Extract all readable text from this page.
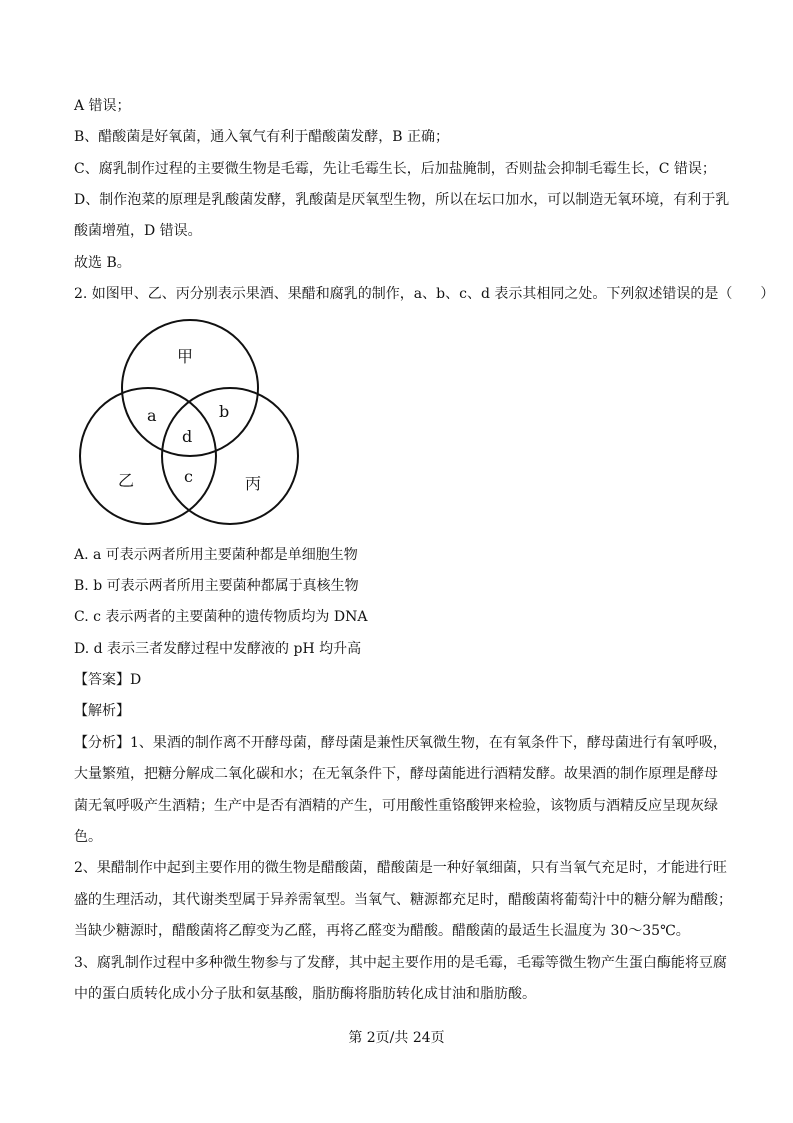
A 错误；
B、醋酸菌是好氧菌，通入氧气有利于醋酸菌发酵，B 正确；
C、腐乳制作过程的主要微生物是毛霉，先让毛霉生长，后加盐腌制，否则盐会抑制毛霉生长，C 错误；
D、制作泡菜的原理是乳酸菌发酵，乳酸菌是厌氧型生物，所以在坛口加水，可以制造无氧环境，有利于乳
酸菌增殖，D 错误。
故选 B。
2. 如图甲、乙、丙分别表示果酒、果醋和腐乳的制作，a、b、c、d 表示其相同之处。下列叙述错误的是（　　）
甲
a	b
d
c
乙	丙
A. a 可表示两者所用主要菌种都是单细胞生物
B. b 可表示两者所用主要菌种都属于真核生物
C. c 表示两者的主要菌种的遗传物质均为 DNA
D. d 表示三者发酵过程中发酵液的 pH 均升高
【答案】D
【解析】
【分析】1、果酒的制作离不开酵母菌，酵母菌是兼性厌氧微生物，在有氧条件下，酵母菌进行有氧呼吸，
大量繁殖，把糖分解成二氧化碳和水；在无氧条件下，酵母菌能进行酒精发酵。故果酒的制作原理是酵母
菌无氧呼吸产生酒精；生产中是否有酒精的产生，可用酸性重铬酸钾来检验，该物质与酒精反应呈现灰绿
色。
2、果醋制作中起到主要作用的微生物是醋酸菌，醋酸菌是一种好氧细菌，只有当氧气充足时，才能进行旺
盛的生理活动，其代谢类型属于异养需氧型。当氧气、糖源都充足时，醋酸菌将葡萄汁中的糖分解为醋酸；
当缺少糖源时，醋酸菌将乙醇变为乙醛，再将乙醛变为醋酸。醋酸菌的最适生长温度为 30～35℃。
3、腐乳制作过程中多种微生物参与了发酵，其中起主要作用的是毛霉，毛霉等微生物产生蛋白酶能将豆腐
中的蛋白质转化成小分子肽和氨基酸，脂肪酶将脂肪转化成甘油和脂肪酸。
第 2页/共 24页
